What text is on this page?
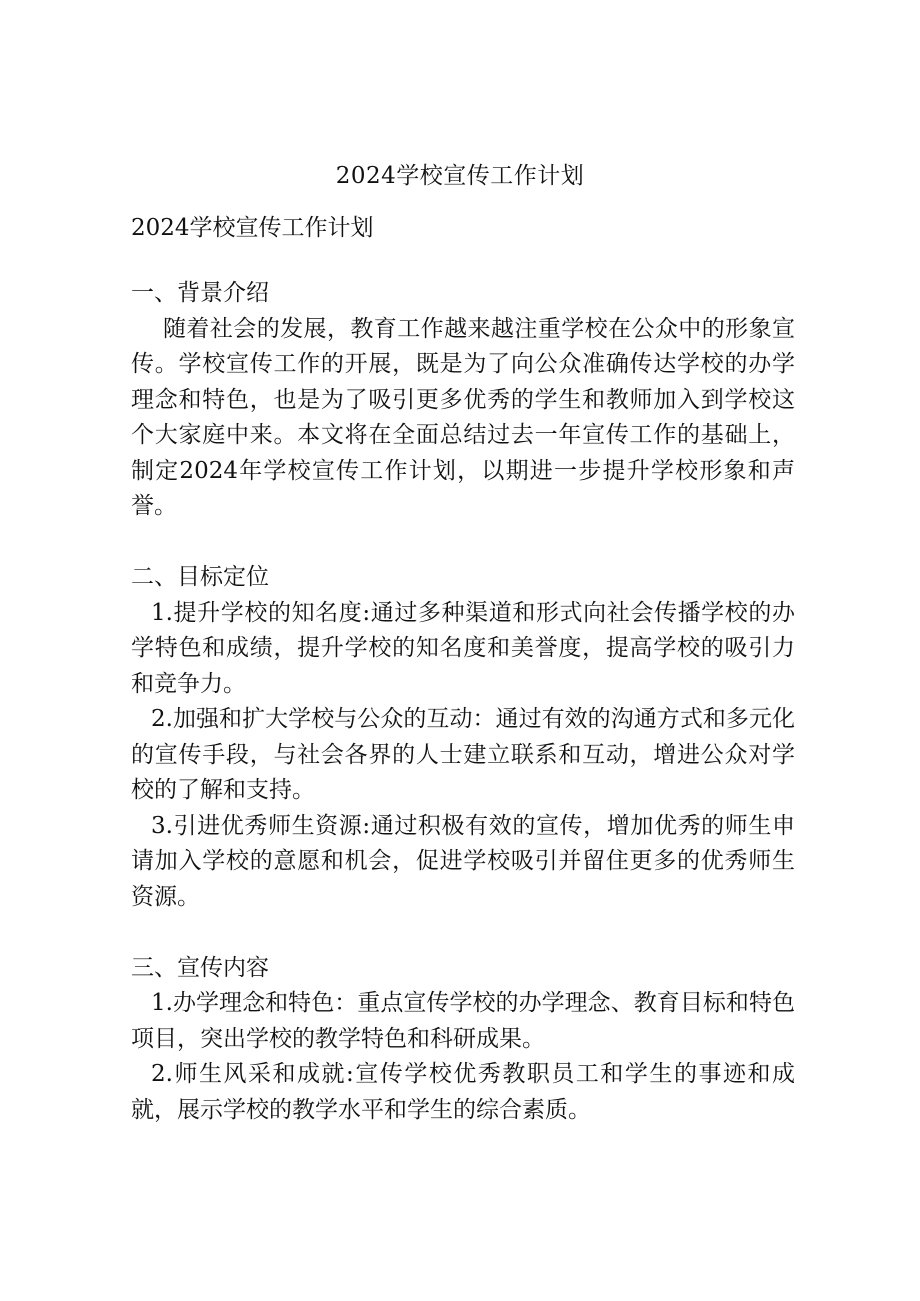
2024学校宣传工作计划
2024学校宣传工作计划

一、背景介绍

随着社会的发展，教育工作越来越注重学校在公众中的形象宣传。学校宣传工作的开展，既是为了向公众准确传达学校的办学理念和特色，也是为了吸引更多优秀的学生和教师加入到学校这个大家庭中来。本文将在全面总结过去一年宣传工作的基础上，制定2024年学校宣传工作计划，以期进一步提升学校形象和声誉。

二、目标定位

1.提升学校的知名度:通过多种渠道和形式向社会传播学校的办学特色和成绩，提升学校的知名度和美誉度，提高学校的吸引力和竞争力。

2.加强和扩大学校与公众的互动：通过有效的沟通方式和多元化的宣传手段，与社会各界的人士建立联系和互动，增进公众对学校的了解和支持。

3.引进优秀师生资源:通过积极有效的宣传，增加优秀的师生申请加入学校的意愿和机会，促进学校吸引并留住更多的优秀师生资源。

三、宣传内容

1.办学理念和特色：重点宣传学校的办学理念、教育目标和特色项目，突出学校的教学特色和科研成果。

2.师生风采和成就:宣传学校优秀教职员工和学生的事迹和成就，展示学校的教学水平和学生的综合素质。
